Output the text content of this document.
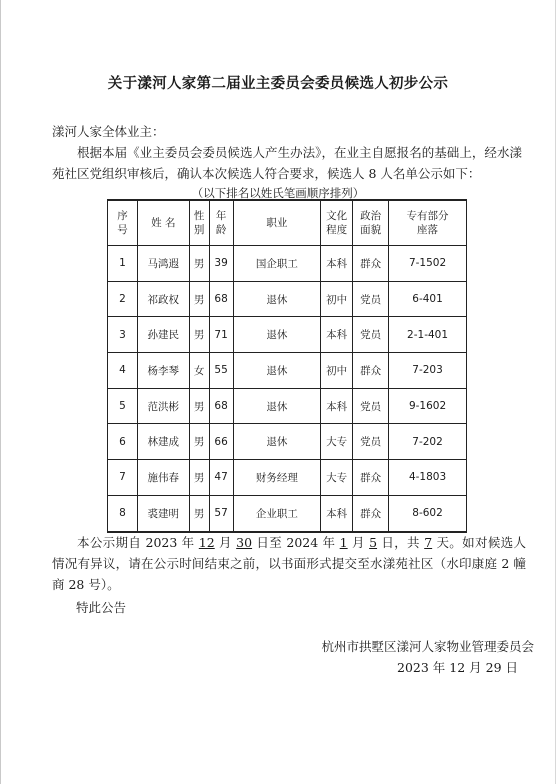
关于漾河人家第二届业主委员会委员候选人初步公示
漾河人家全体业主：
根据本届《业主委员会委员候选人产生办法》，在业主自愿报名的基础上，经水漾苑社区党组织审核后，确认本次候选人符合要求，候选人 8 人名单公示如下：
（以下排名以姓氏笔画顺序排列）
序号	姓 名	性别	年龄	职业	文化程度	政治面貌	专有部分座落
1	马鸿遐	男	39	国企职工	本科	群众	7-1502
2	祁政权	男	68	退休	初中	党员	6-401
3	孙建民	男	71	退休	本科	党员	2-1-401
4	杨李琴	女	55	退休	初中	群众	7-203
5	范洪彬	男	68	退休	本科	党员	9-1602
6	林建成	男	66	退休	大专	党员	7-202
7	施伟春	男	47	财务经理	大专	群众	4-1803
8	裘建明	男	57	企业职工	本科	群众	8-602
本公示期自 2023 年 12 月 30 日至 2024 年 1 月 5 日，共 7 天。如对候选人情况有异议，请在公示时间结束之前，以书面形式提交至水漾苑社区（水印康庭 2 幢商 28 号）。
特此公告
杭州市拱墅区漾河人家物业管理委员会
2023 年 12 月 29 日
